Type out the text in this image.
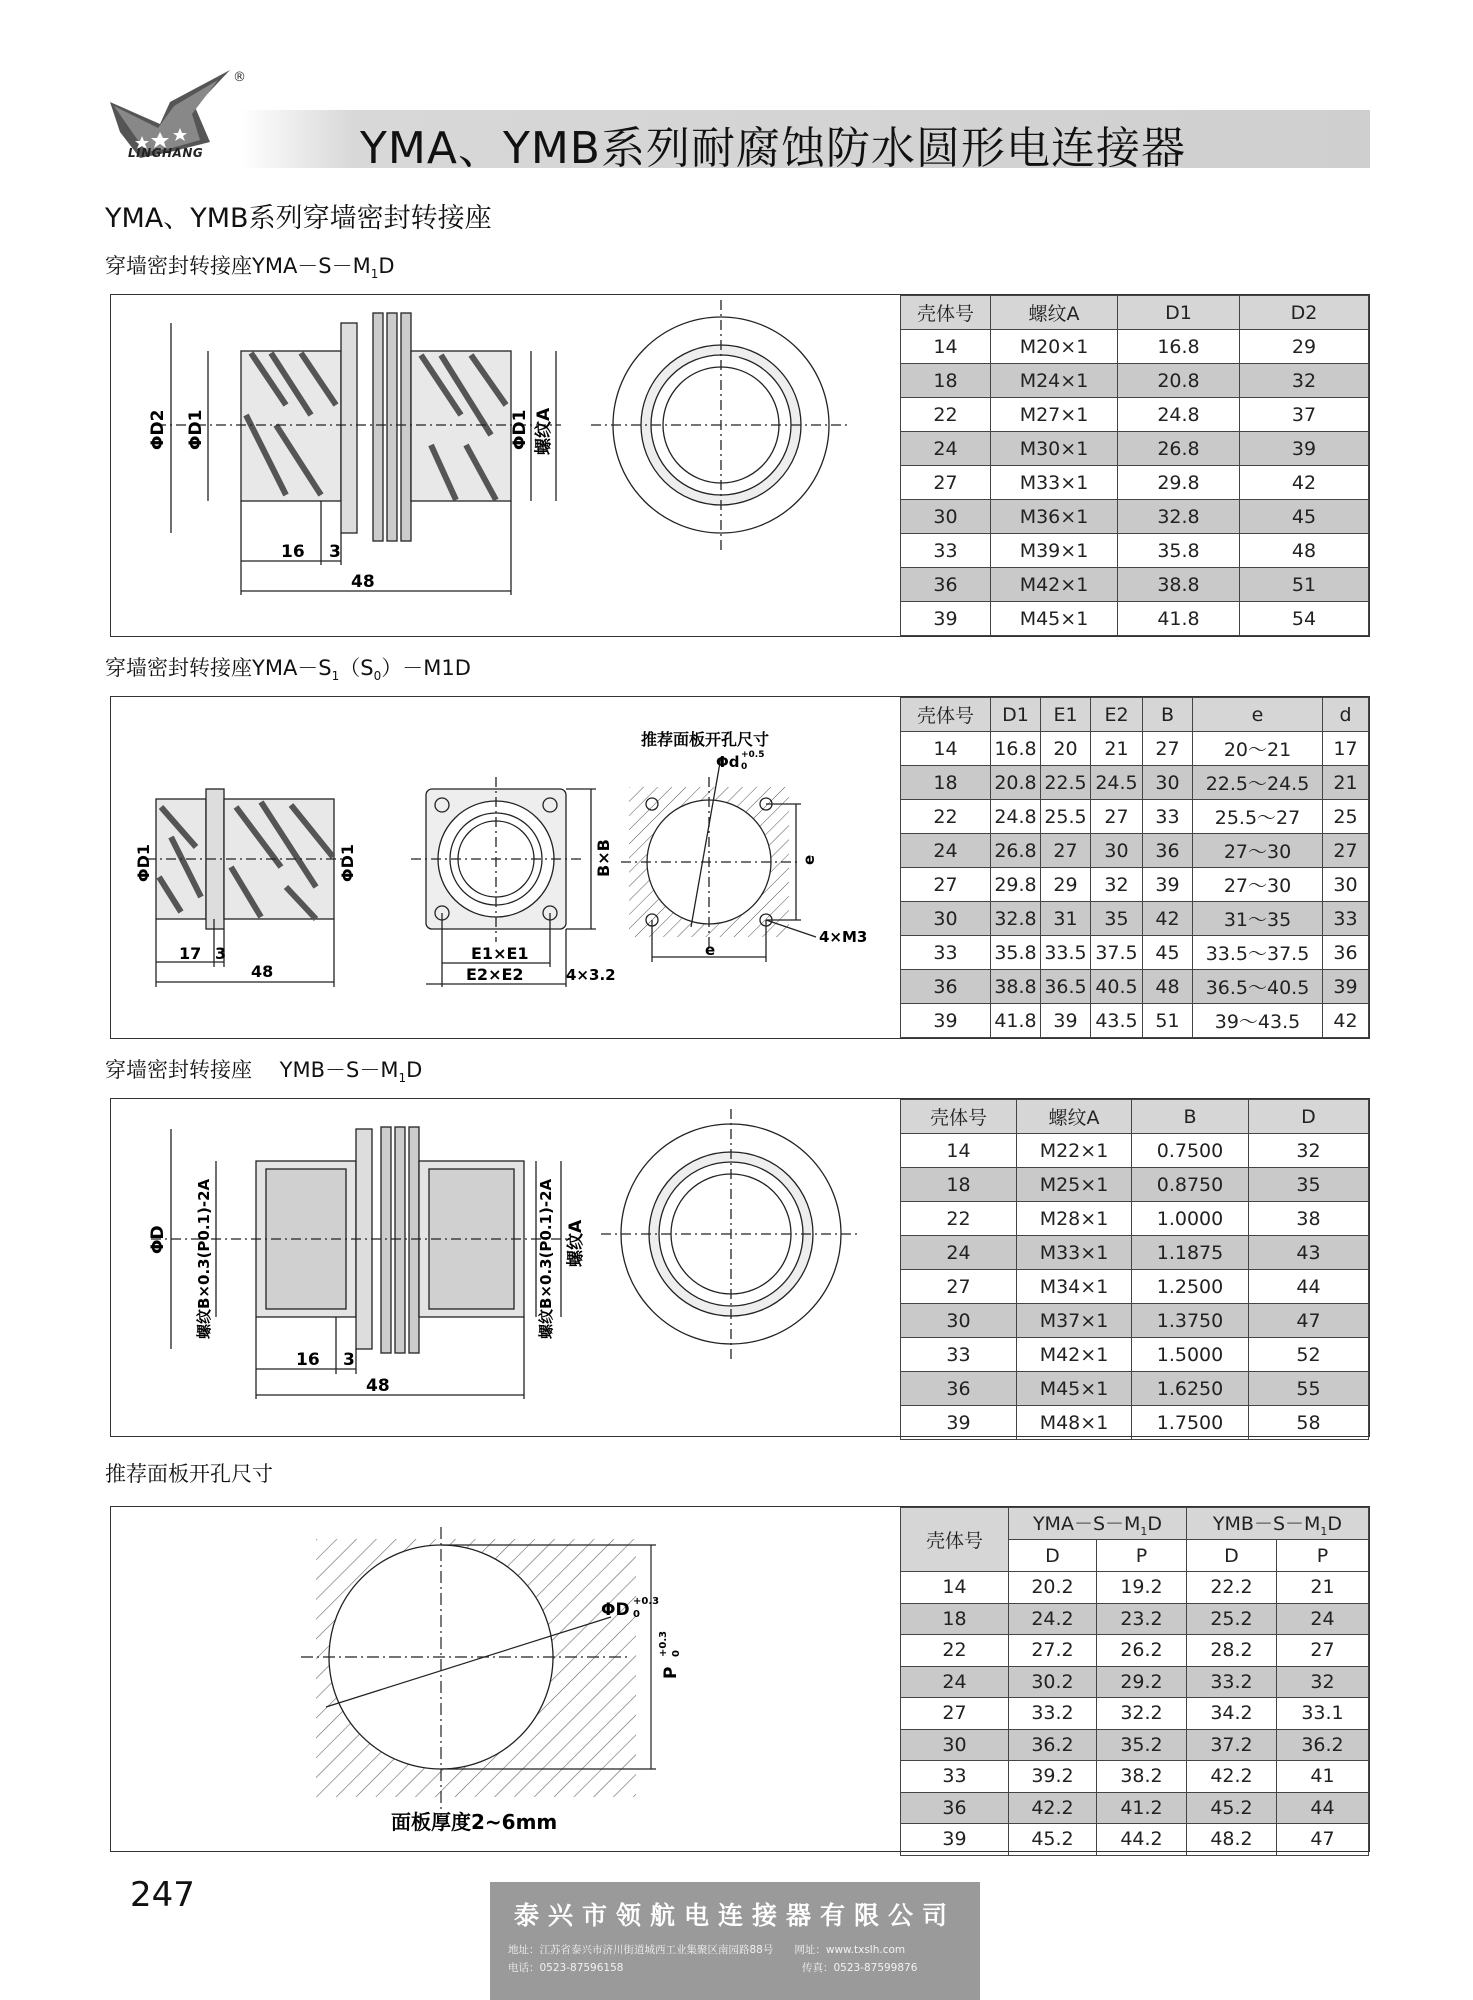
®
LINGHANG	YMA、YMB系列耐腐蚀防水圆形电连接器
YMA、YMB系列穿墙密封转接座
穿墙密封转接座$YMA-S-M_1D$
ΦD2 ΦD1	ΦD1 螺纹A
16 3
48
壳体号	螺纹A	D1	D2
14	M20×1	16.8	29
18	M24×1	20.8	32
22	M27×1	24.8	37
24	M30×1	26.8	39
27	M33×1	29.8	42
30	M36×1	32.8	45
33	M39×1	35.8	48
36	M42×1	38.8	51
39	M45×1	41.8	54
穿墙密封转接座$YMA-S_1(S_0)-M1D$
ΦD1	ΦD1	B×B
E1×E1
E2×E2	4×3.2
17 3
48
推荐面板开孔尺寸
Φd +0.5
0
e
e
4×M3
壳体号	D1	E1	E2	B	e	d
14	16.8	20	21	27	20～21	17
18	20.8	22.5	24.5	30	22.5～24.5	21
22	24.8	25.5	27	33	25.5～27	25
24	26.8	27	30	36	27～30	27
27	29.8	29	32	39	27～30	30
30	32.8	31	35	42	31～35	33
33	35.8	33.5	37.5	45	33.5～37.5	36
36	38.8	36.5	40.5	48	36.5～40.5	39
39	41.8	39	43.5	51	39～43.5	42
穿墙密封转接座　 $YMB-S-M_1D$
ΦD 螺纹B×0.3(P0.1)-2A	螺纹B×0.3(P0.1)-2A 螺纹A
16 3
48
壳体号	螺纹A	B	D
14	M22×1	0.7500	32
18	M25×1	0.8750	35
22	M28×1	1.0000	38
24	M33×1	1.1875	43
27	M34×1	1.2500	44
30	M37×1	1.3750	47
33	M42×1	1.5000	52
36	M45×1	1.6250	55
39	M48×1	1.7500	58
推荐面板开孔尺寸
ΦD +0.3
0
P
+0.3 0
面板厚度2~6mm
壳体号	$YMA-S-M_1D$		$YMB-S-M_1D$	
	D	P	D	P
14	20.2	19.2	22.2	21
18	24.2	23.2	25.2	24
22	27.2	26.2	28.2	27
24	30.2	29.2	33.2	32
27	33.2	32.2	34.2	33.1
30	36.2	35.2	37.2	36.2
33	39.2	38.2	42.2	41
36	42.2	41.2	45.2	44
39	45.2	44.2	48.2	47
247
泰兴市领航电连接器有限公司
地址：江苏省泰兴市济川街道城西工业集聚区南园路88号　　网址：www.txslh.com
电话：0523-87596158　　　　　　　　　　　　　　　　　传真：0523-87599876
